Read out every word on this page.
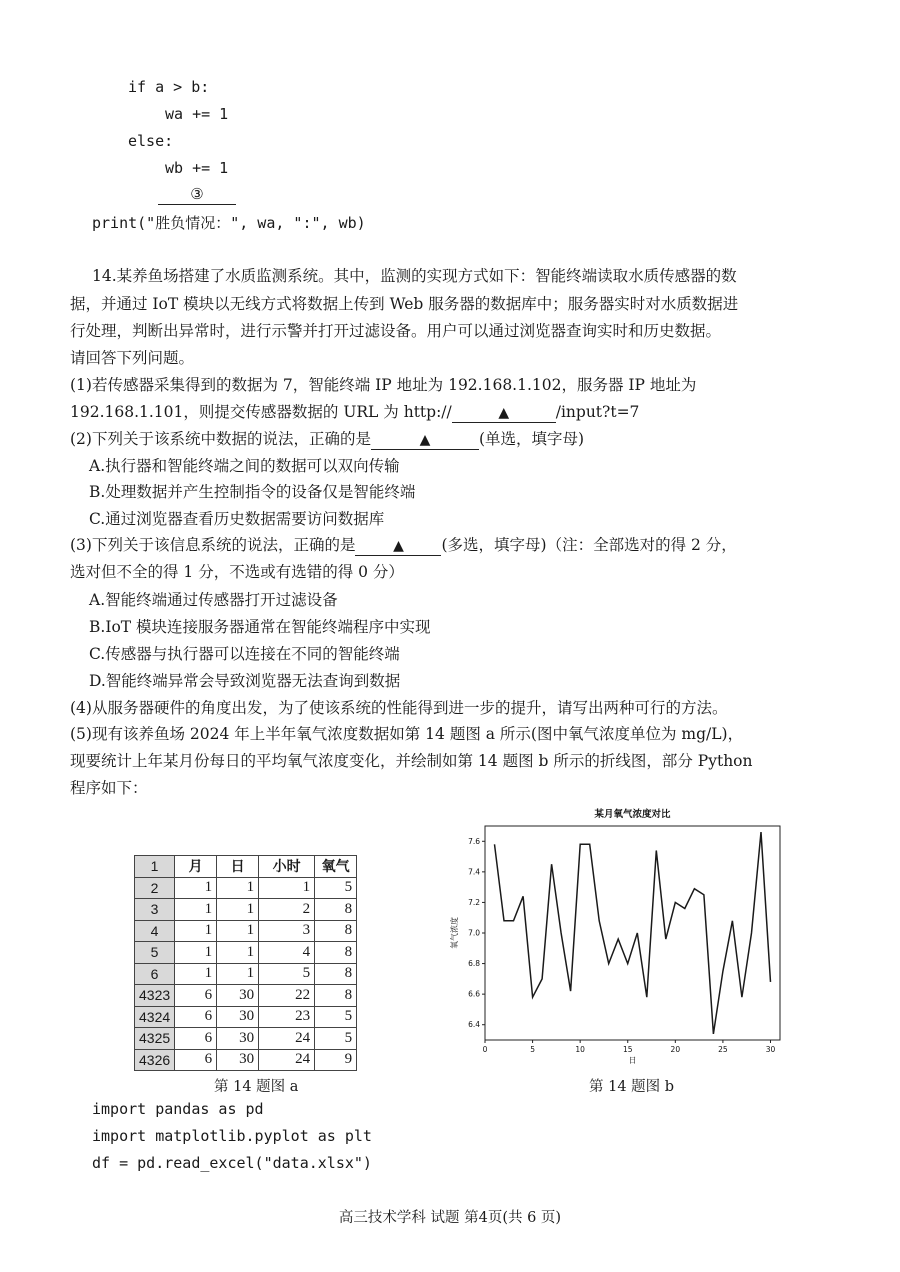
if a > b:
wa += 1
else:
wb += 1
③
print("胜负情况：", wa, ":", wb)
14.某养鱼场搭建了水质监测系统。其中，监测的实现方式如下：智能终端读取水质传感器的数
据，并通过 IoT 模块以无线方式将数据上传到 Web 服务器的数据库中；服务器实时对水质数据进
行处理，判断出异常时，进行示警并打开过滤设备。用户可以通过浏览器查询实时和历史数据。
请回答下列问题。
(1)若传感器采集得到的数据为 7，智能终端 IP 地址为 192.168.1.102，服务器 IP 地址为
192.168.1.101，则提交传感器数据的 URL 为 http://	▲	/input?t=7
(2)下列关于该系统中数据的说法，正确的是	▲	(单选，填字母)
A.执行器和智能终端之间的数据可以双向传输
B.处理数据并产生控制指令的设备仅是智能终端
C.通过浏览器查看历史数据需要访问数据库
(3)下列关于该信息系统的说法，正确的是	▲ (多选，填字母)（注：全部选对的得 2 分，
选对但不全的得 1 分，不选或有选错的得 0 分）
A.智能终端通过传感器打开过滤设备
B.IoT 模块连接服务器通常在智能终端程序中实现
C.传感器与执行器可以连接在不同的智能终端
D.智能终端异常会导致浏览器无法查询到数据
(4)从服务器硬件的角度出发，为了使该系统的性能得到进一步的提升，请写出两种可行的方法。
(5)现有该养鱼场 2024 年上半年氧气浓度数据如第 14 题图 a 所示(图中氧气浓度单位为 mg/L)，
现要统计上年某月份每日的平均氧气浓度变化，并绘制如第 14 题图 b 所示的折线图，部分 Python
程序如下：
1	月	日	小时	氧气
2	1	1	1	5
3	1	1	2	8
4	1	1	3	8
5	1	1	4	8
6	1	1	5	8
4323	6	30	22	8
4324	6	30	23	5
4325	6	30	24	5
4326	6	30	24	9
第 14 题图 a
某月氧气浓度对比
0	5	10	15	20	25	30
6.4
6.6
6.8
7.0
7.2
7.4
7.6
日
氧气浓度
第 14 题图 b
import pandas as pd
import matplotlib.pyplot as plt
df = pd.read_excel("data.xlsx")
高三技术学科 试题 第4页(共 6 页)
